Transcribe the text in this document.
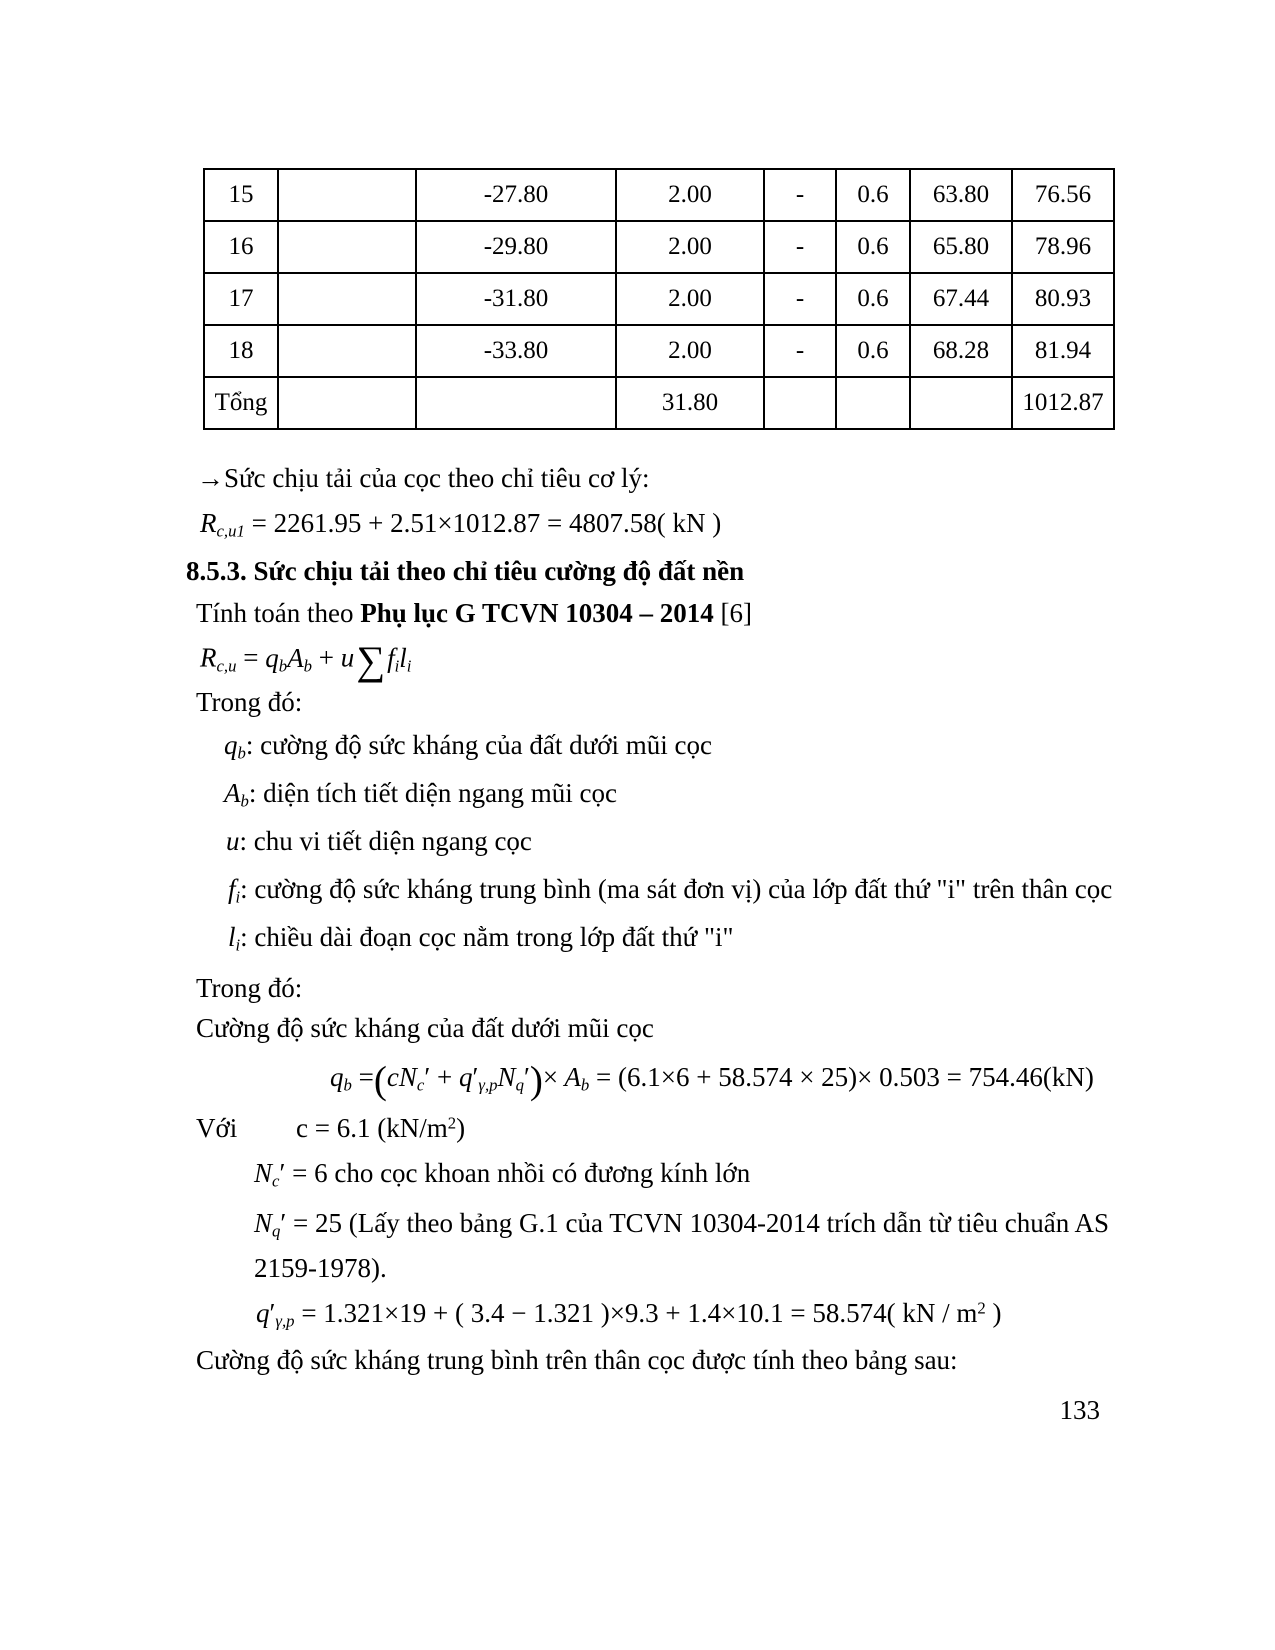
15		-27.80	2.00	-	0.6	63.80	76.56
16		-29.80	2.00	-	0.6	65.80	78.96
17		-31.80	2.00	-	0.6	67.44	80.93
18		-33.80	2.00	-	0.6	68.28	81.94
Tổng			31.80				1012.87
→Sức chịu tải của cọc theo chỉ tiêu cơ lý:
$R_{c,u1} = 2261.95 + 2.51\times 1012.87 = 4807.58$( kN )
8.5.3. Sức chịu tải theo chỉ tiêu cường độ đất nền
Tính toán theo Phụ lục G TCVN 10304 – 2014 [6]
$R_{c,u} = q_bA_b + u\sum f_il_i$
Trong đó:
$q_b$: cường độ sức kháng của đất dưới mũi cọc
$A_b$: diện tích tiết diện ngang mũi cọc
u: chu vi tiết diện ngang cọc
$f_i$: cường độ sức kháng trung bình (ma sát đơn vị) của lớp đất thứ "i" trên thân cọc
$l_i$: chiều dài đoạn cọc nằm trong lớp đất thứ "i"
Trong đó:
Cường độ sức kháng của đất dưới mũi cọc
$q_b =(cN_c' + q'_{\gamma,p}N_q')\times A_b = (6.1\times 6 + 58.574 \times 25)\times 0.503 = 754.46(kN)$
Với c = 6.1 $(kN/m^2)$
$N_c' = 6$ cho cọc khoan nhồi có đương kính lớn
$N_q' = 25$ (Lấy theo bảng G.1 của TCVN 10304-2014 trích dẫn từ tiêu chuẩn AS
2159-1978).
$q'_{\gamma,p} = 1.321\times 19$ + ( 3.4 − 1.321 )×9.3 + 1.4×10.1 = 58.574( kN / $m^2$ )
Cường độ sức kháng trung bình trên thân cọc được tính theo bảng sau:
133
